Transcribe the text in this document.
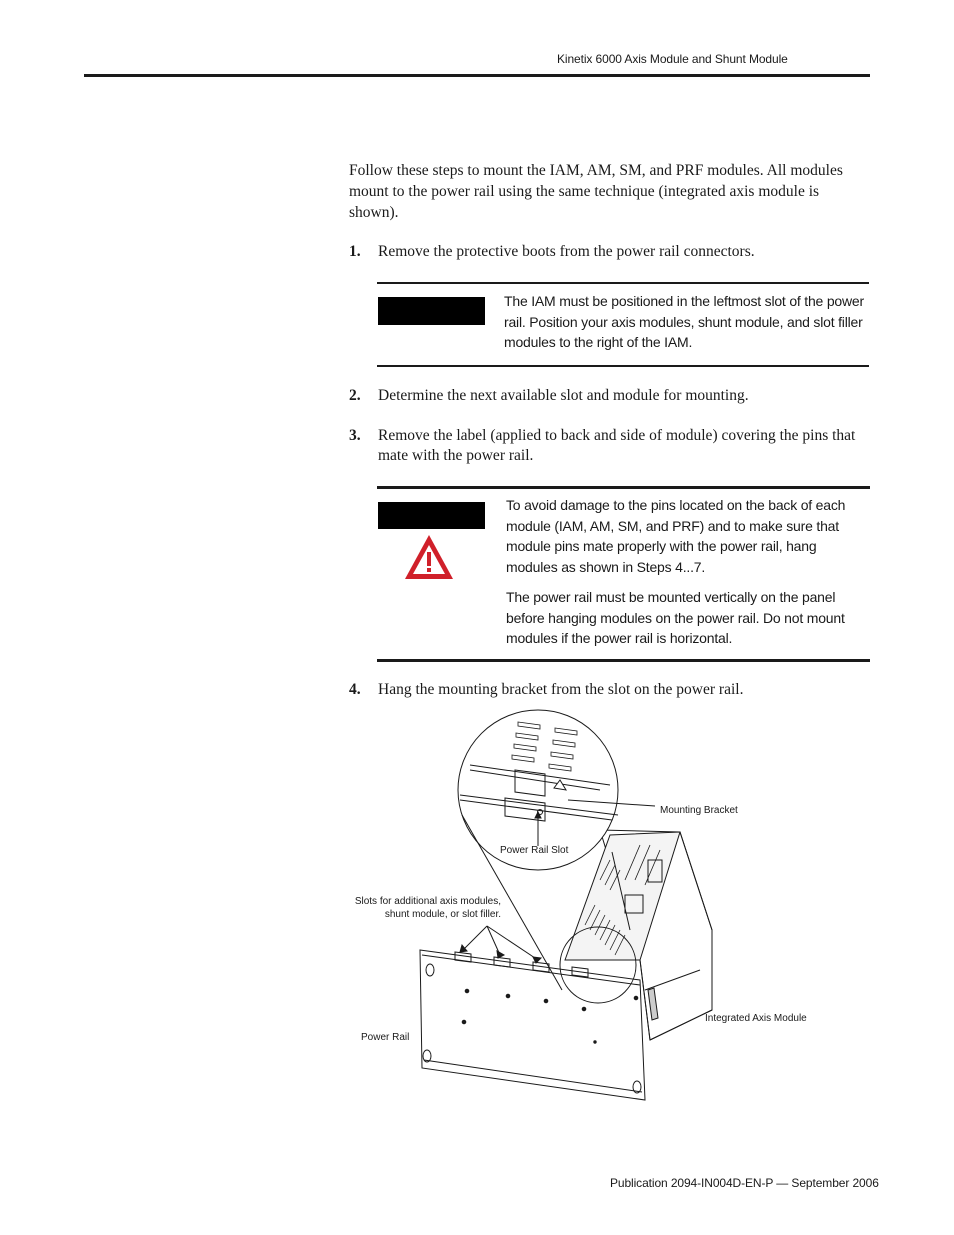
Kinetix 6000 Axis Module and Shunt Module
Follow these steps to mount the IAM, AM, SM, and PRF modules. All modules mount to the power rail using the same technique (integrated axis module is shown).
1. Remove the protective boots from the power rail connectors.

The IAM must be positioned in the leftmost slot of the power rail. Position your axis modules, shunt module, and slot filler modules to the right of the IAM.

2. Determine the next available slot and module for mounting.
3. Remove the label (applied to back and side of module) covering the pins that mate with the power rail.

To avoid damage to the pins located on the back of each module (IAM, AM, SM, and PRF) and to make sure that module pins mate properly with the power rail, hang modules as shown in Steps 4...7.

The power rail must be mounted vertically on the panel before hanging modules on the power rail. Do not mount modules if the power rail is horizontal.

4. Hang the mounting bracket from the slot on the power rail.
Mounting Bracket
Power Rail Slot
Slots for additional axis modules,
shunt module, or slot filler.
Integrated Axis Module
Power Rail
Publication 2094-IN004D-EN-P — September 2006
